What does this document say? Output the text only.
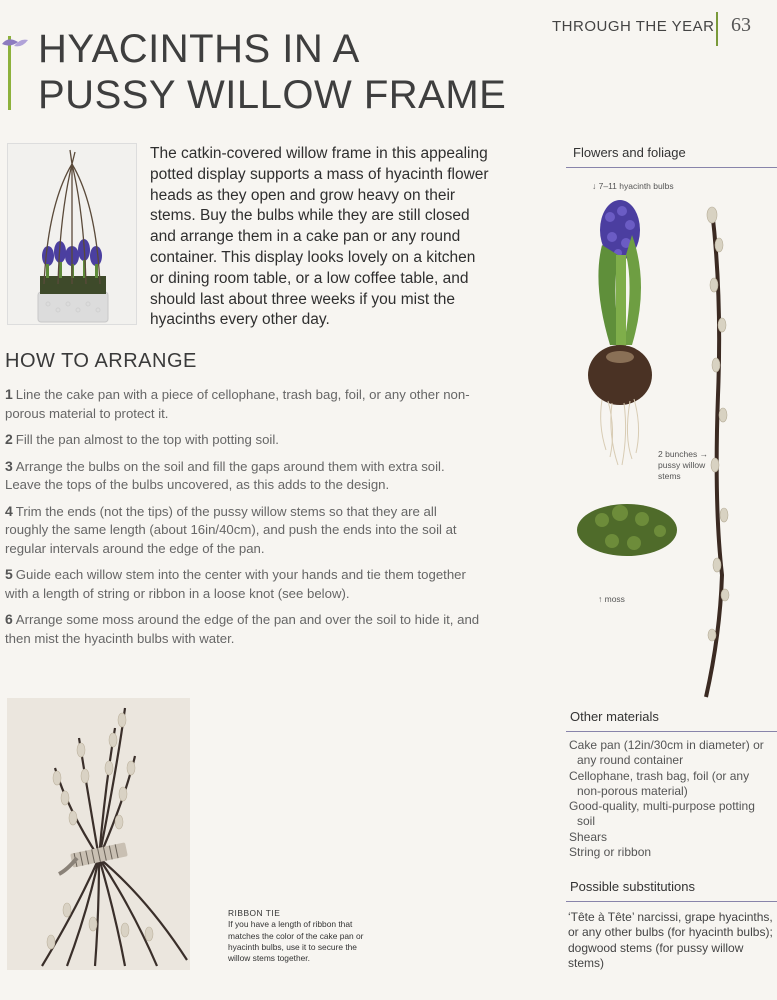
THROUGH THE YEAR 63
HYACINTHS IN A
PUSSY WILLOW FRAME
The catkin-covered willow frame in this appealing potted display supports a mass of hyacinth flower heads as they open and grow heavy on their stems. Buy the bulbs while they are still closed and arrange them in a cake pan or any round container. This display looks lovely on a kitchen or dining room table, or a low coffee table, and should last about three weeks if you mist the hyacinths every other day.
HOW TO ARRANGE

1 Line the cake pan with a piece of cellophane, trash bag, foil, or any other non-porous material to protect it.

2 Fill the pan almost to the top with potting soil.

3 Arrange the bulbs on the soil and fill the gaps around them with extra soil. Leave the tops of the bulbs uncovered, as this adds to the design.

4 Trim the ends (not the tips) of the pussy willow stems so that they are all roughly the same length (about 16in/40cm), and push the ends into the soil at regular intervals around the edge of the pan.

5 Guide each willow stem into the center with your hands and tie them together with a length of string or ribbon in a loose knot (see below).

6 Arrange some moss around the edge of the pan and over the soil to hide it, and then mist the hyacinth bulbs with water.

RIBBON TIE
If you have a length of ribbon that matches the color of the cake pan or hyacinth bulbs, use it to secure the willow stems together.
Flowers and foliage
↓ 7–11 hyacinth bulbs
2 bunches → pussy willow stems
↑ moss
Other materials
Cake pan (12in/30cm in diameter) or any round container
Cellophane, trash bag, foil (or any non-porous material)
Good-quality, multi-purpose potting soil
Shears
String or ribbon
Possible substitutions
‘Tête à Tête’ narcissi, grape hyacinths, or any other bulbs (for hyacinth bulbs); dogwood stems (for pussy willow stems)
